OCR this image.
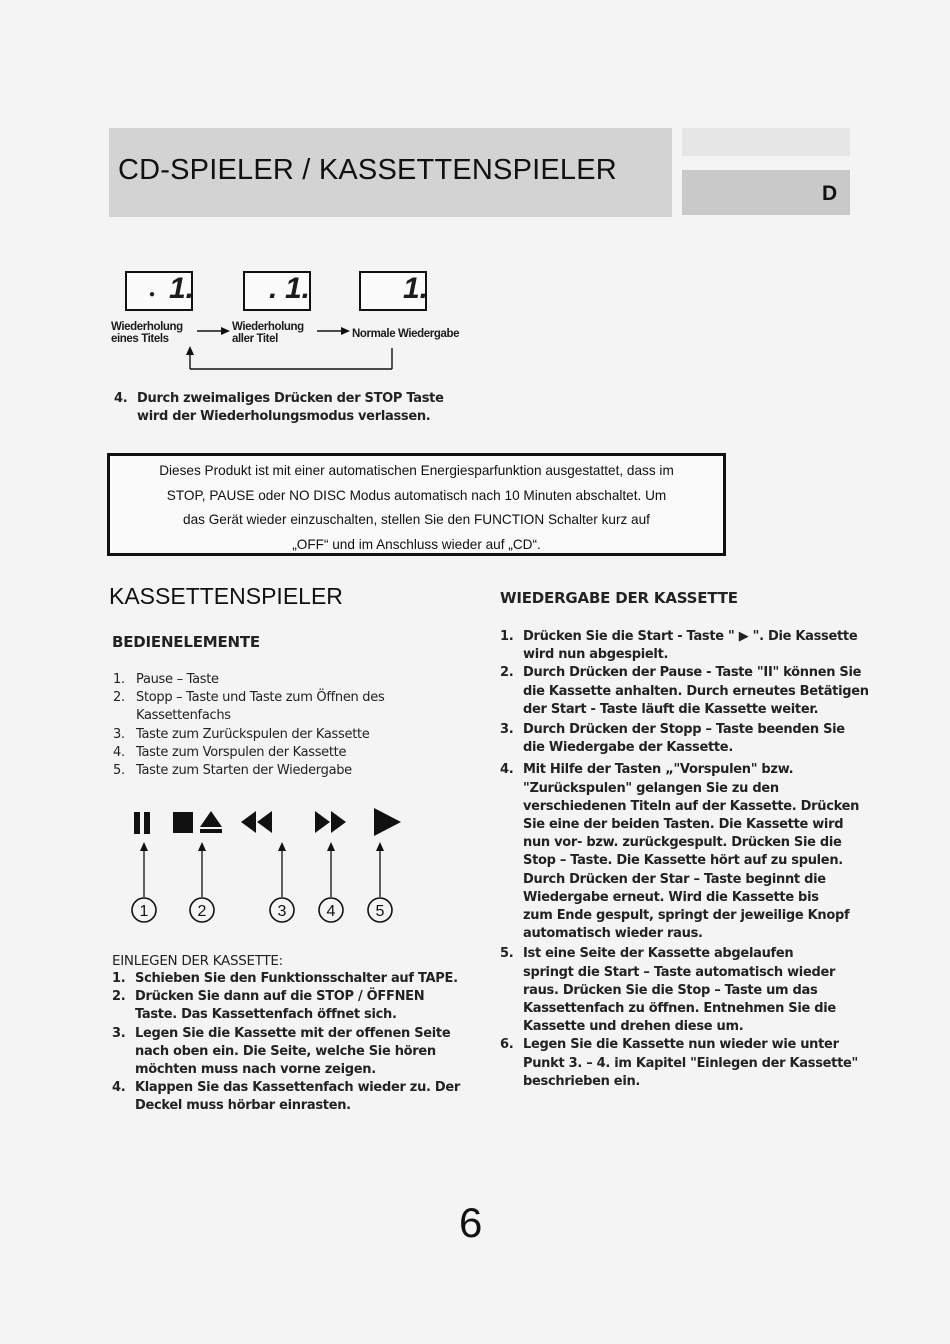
CD-SPIELER / KASSETTENSPIELER
D
● 1. . 1.	1.
Wiederholung
eines Titels
Wiederholung
aller Titel	Normale Wiedergabe
4. Durch zweimaliges Drücken der STOP Taste
wird der Wiederholungsmodus verlassen.
Dieses Produkt ist mit einer automatischen Energiesparfunktion ausgestattet, dass im
STOP, PAUSE oder NO DISC Modus automatisch nach 10 Minuten abschaltet. Um
das Gerät wieder einzuschalten, stellen Sie den FUNCTION Schalter kurz auf
„OFF“ und im Anschluss wieder auf „CD“.
KASSETTENSPIELER
BEDIENELEMENTE
1. Pause – Taste
2. Stopp – Taste und Taste zum Öffnen des
Kassettenfachs
3. Taste zum Zurückspulen der Kassette
4. Taste zum Vorspulen der Kassette
5. Taste zum Starten der Wiedergabe
1	2	3	4	5
EINLEGEN DER KASSETTE:
1. Schieben Sie den Funktionsschalter auf TAPE.
2. Drücken Sie dann auf die STOP / ÖFFNEN
Taste. Das Kassettenfach öffnet sich.
3. Legen Sie die Kassette mit der offenen Seite
nach oben ein. Die Seite, welche Sie hören
möchten muss nach vorne zeigen.
4. Klappen Sie das Kassettenfach wieder zu. Der
Deckel muss hörbar einrasten.
WIEDERGABE DER KASSETTE
1. Drücken Sie die Start - Taste " ▶ ". Die Kassette
wird nun abgespielt.
2. Durch Drücken der Pause - Taste "II" können Sie
die Kassette anhalten. Durch erneutes Betätigen
der Start - Taste läuft die Kassette weiter.
3. Durch Drücken der Stopp – Taste beenden Sie
die Wiedergabe der Kassette.
4. Mit Hilfe der Tasten „"Vorspulen" bzw.
"Zurückspulen" gelangen Sie zu den
verschiedenen Titeln auf der Kassette. Drücken
Sie eine der beiden Tasten. Die Kassette wird
nun vor- bzw. zurückgespult. Drücken Sie die
Stop – Taste. Die Kassette hört auf zu spulen.
Durch Drücken der Star – Taste beginnt die
Wiedergabe erneut. Wird die Kassette bis
zum Ende gespult, springt der jeweilige Knopf
automatisch wieder raus.
5. Ist eine Seite der Kassette abgelaufen
springt die Start – Taste automatisch wieder
raus. Drücken Sie die Stop – Taste um das
Kassettenfach zu öffnen. Entnehmen Sie die
Kassette und drehen diese um.
6. Legen Sie die Kassette nun wieder wie unter
Punkt 3. – 4. im Kapitel "Einlegen der Kassette"
beschrieben ein.
6
